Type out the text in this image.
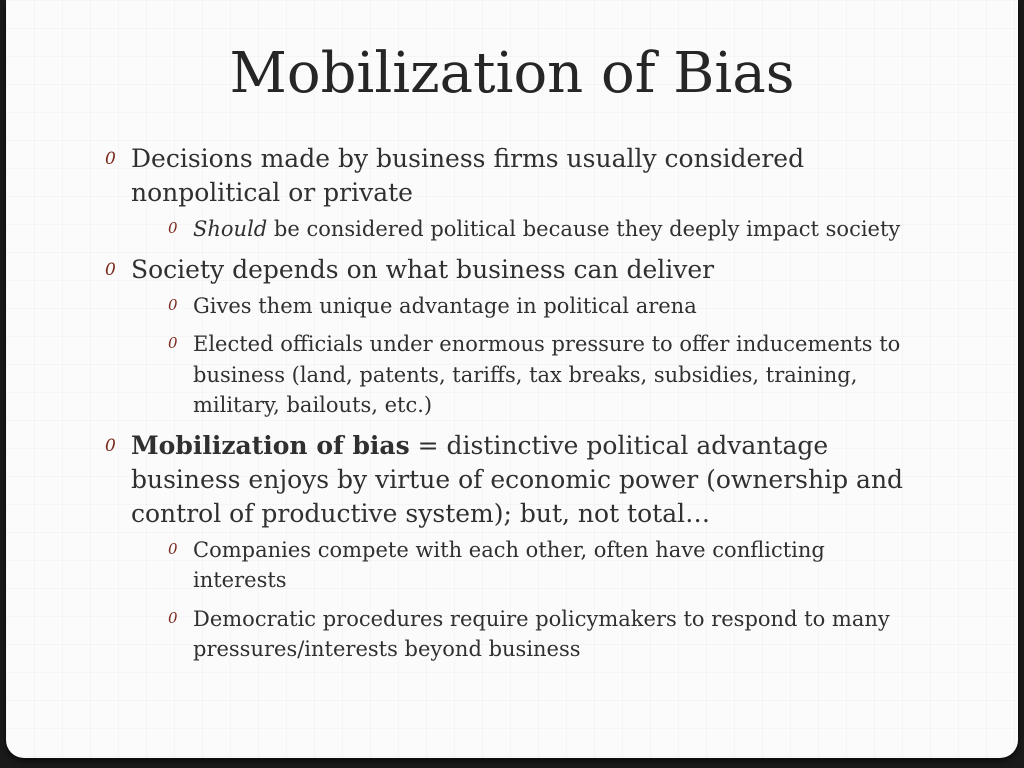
Mobilization of Bias
0 Decisions made by business firms usually considered nonpolitical or private
0 Should be considered political because they deeply impact society
0 Society depends on what business can deliver
0 Gives them unique advantage in political arena
0 Elected officials under enormous pressure to offer inducements to business (land, patents, tariffs, tax breaks, subsidies, training, military, bailouts, etc.)
0 Mobilization of bias = distinctive political advantage business enjoys by virtue of economic power (ownership and control of productive system); but, not total…
0 Companies compete with each other, often have conflicting interests
0 Democratic procedures require policymakers to respond to many pressures/interests beyond business
